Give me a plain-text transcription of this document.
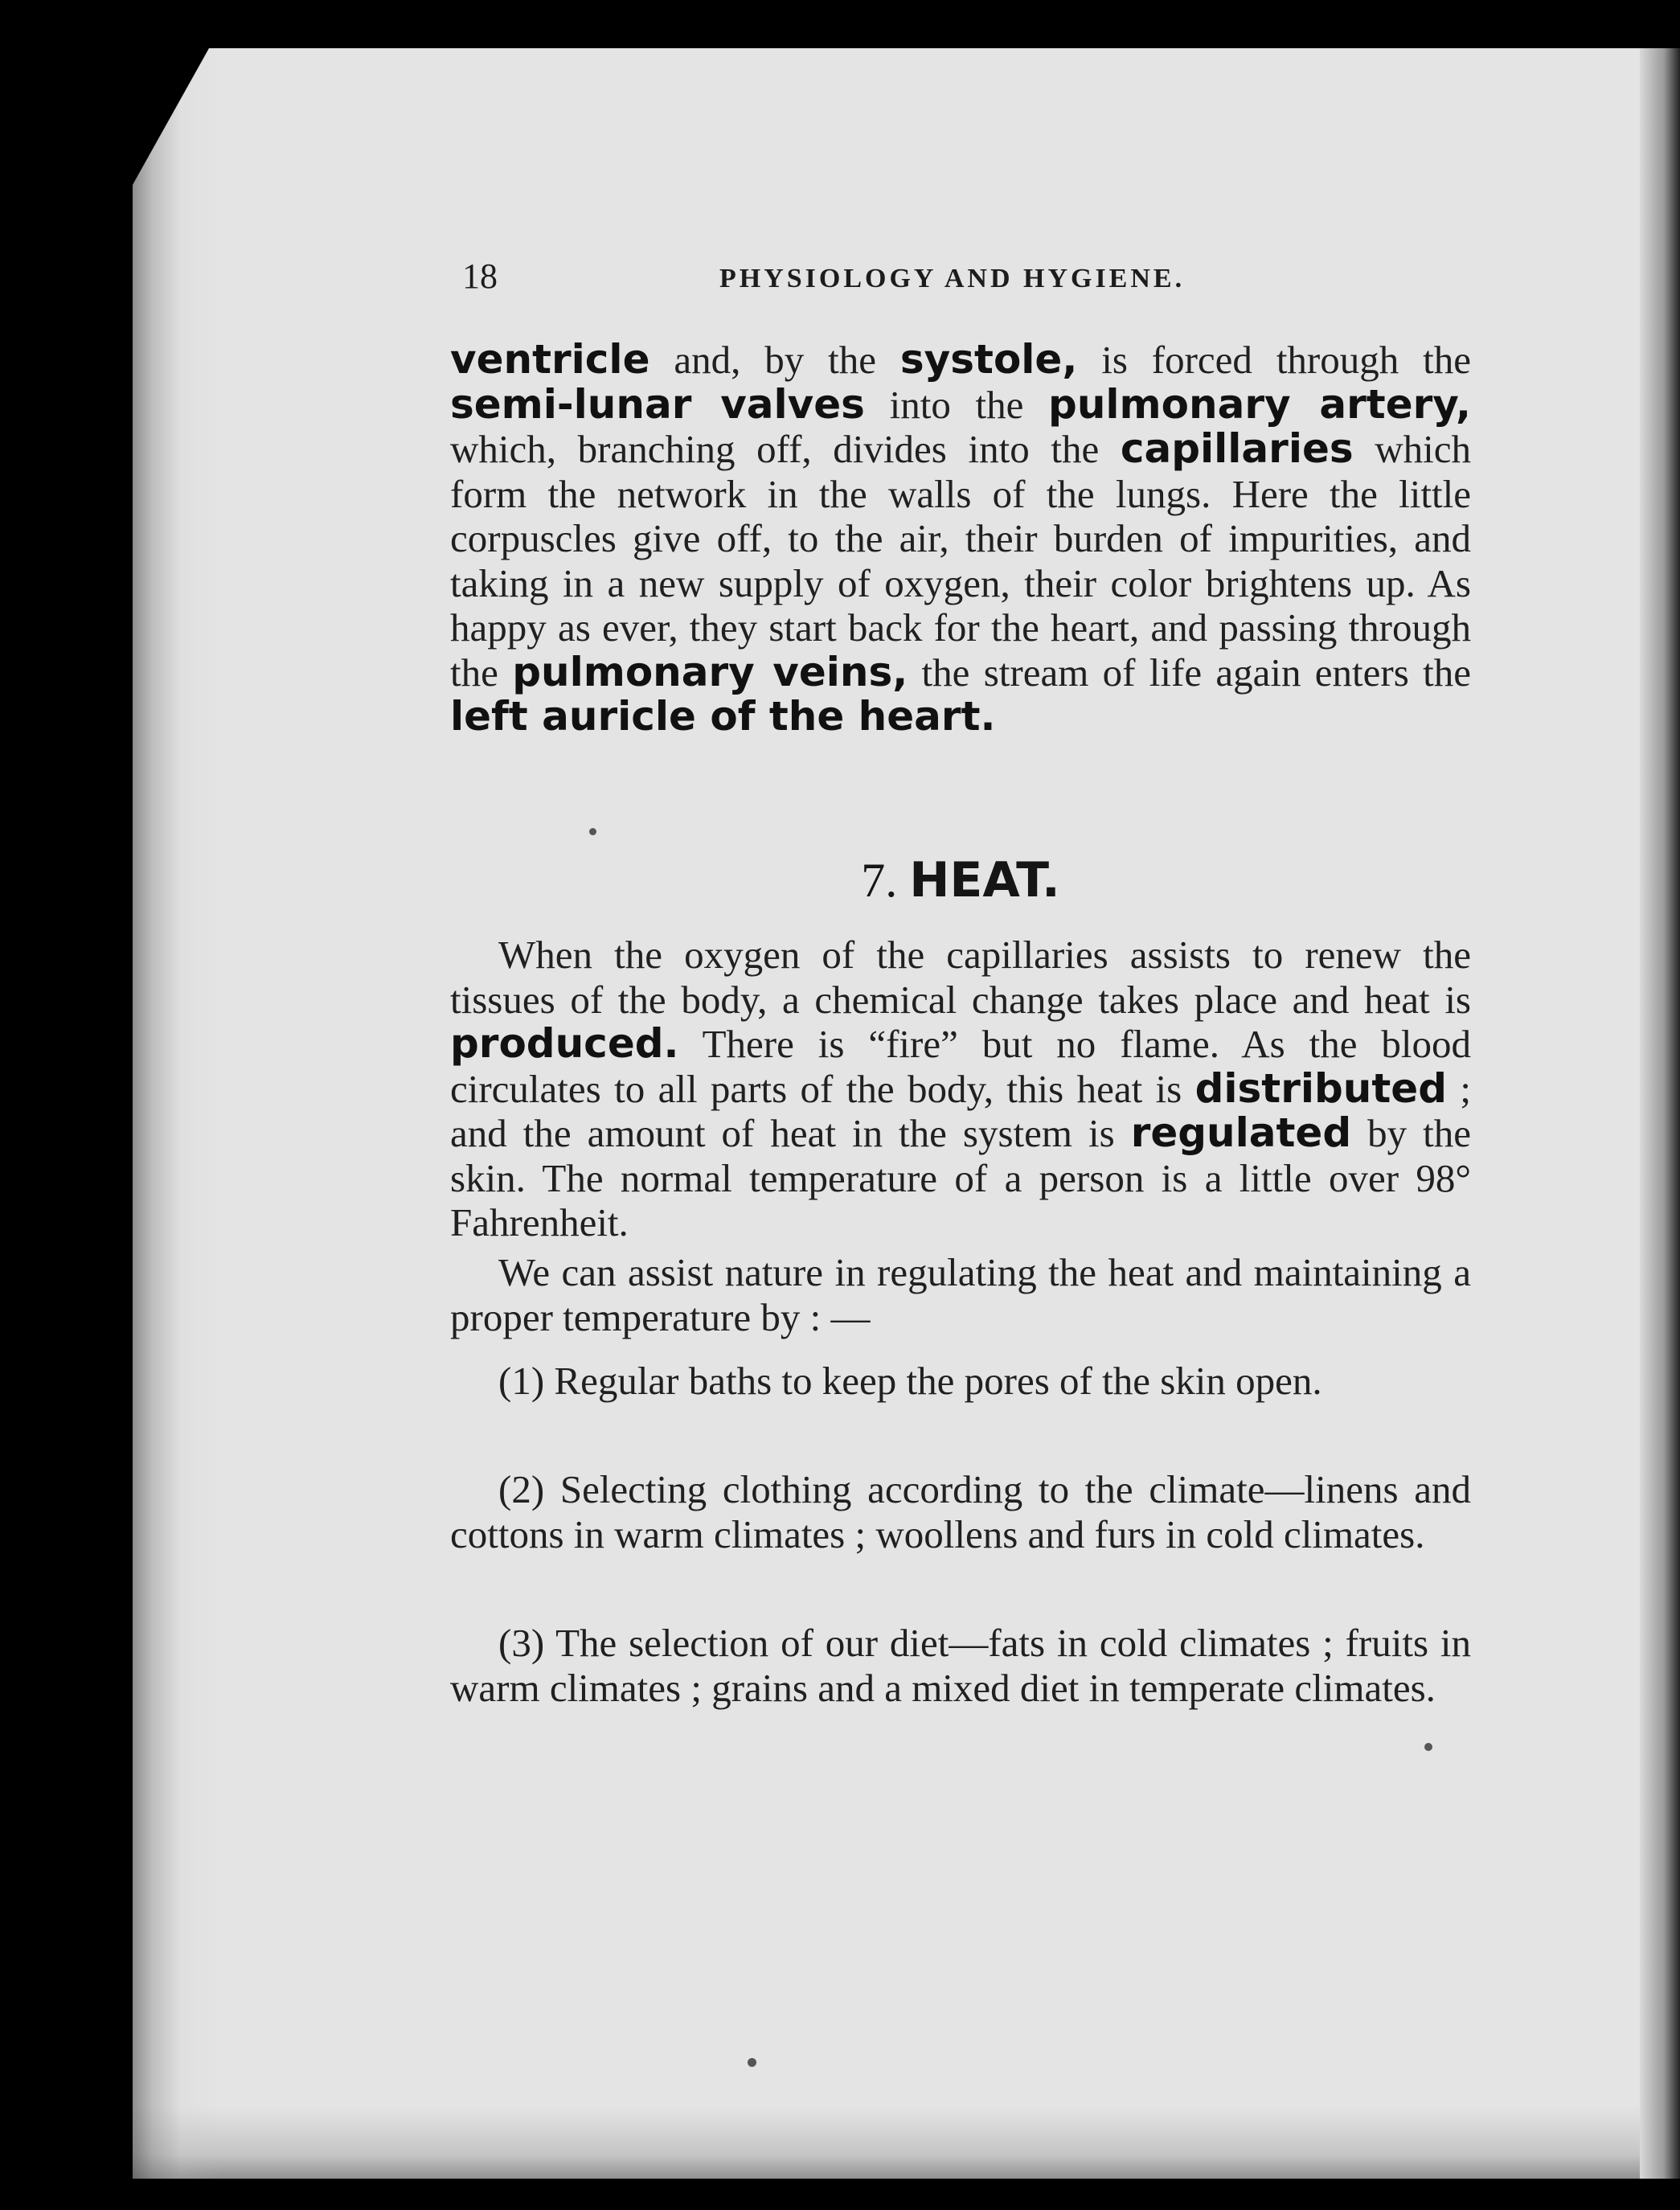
18	PHYSIOLOGY AND HYGIENE.
ventricle and, by the systole, is forced through the semi-lunar valves into the pulmonary artery, which, branching off, divides into the capillaries which form the network in the walls of the lungs. Here the little corpuscles give off, to the air, their burden of impurities, and taking in a new supply of oxygen, their color brightens up. As happy as ever, they start back for the heart, and passing through the pulmonary veins, the stream of life again enters the left auricle of the heart.
7. HEAT.
When the oxygen of the capillaries assists to renew the tissues of the body, a chemical change takes place and heat is produced. There is “fire” but no flame. As the blood circulates to all parts of the body, this heat is distributed ; and the amount of heat in the system is regulated by the skin. The normal temperature of a person is a little over 98° Fahrenheit.
We can assist nature in regulating the heat and maintaining a proper temperature by : —
(1) Regular baths to keep the pores of the skin open.
(2) Selecting clothing according to the climate—linens and cottons in warm climates ; woollens and furs in cold climates.
(3) The selection of our diet—fats in cold climates ; fruits in warm climates ; grains and a mixed diet in temperate climates.
